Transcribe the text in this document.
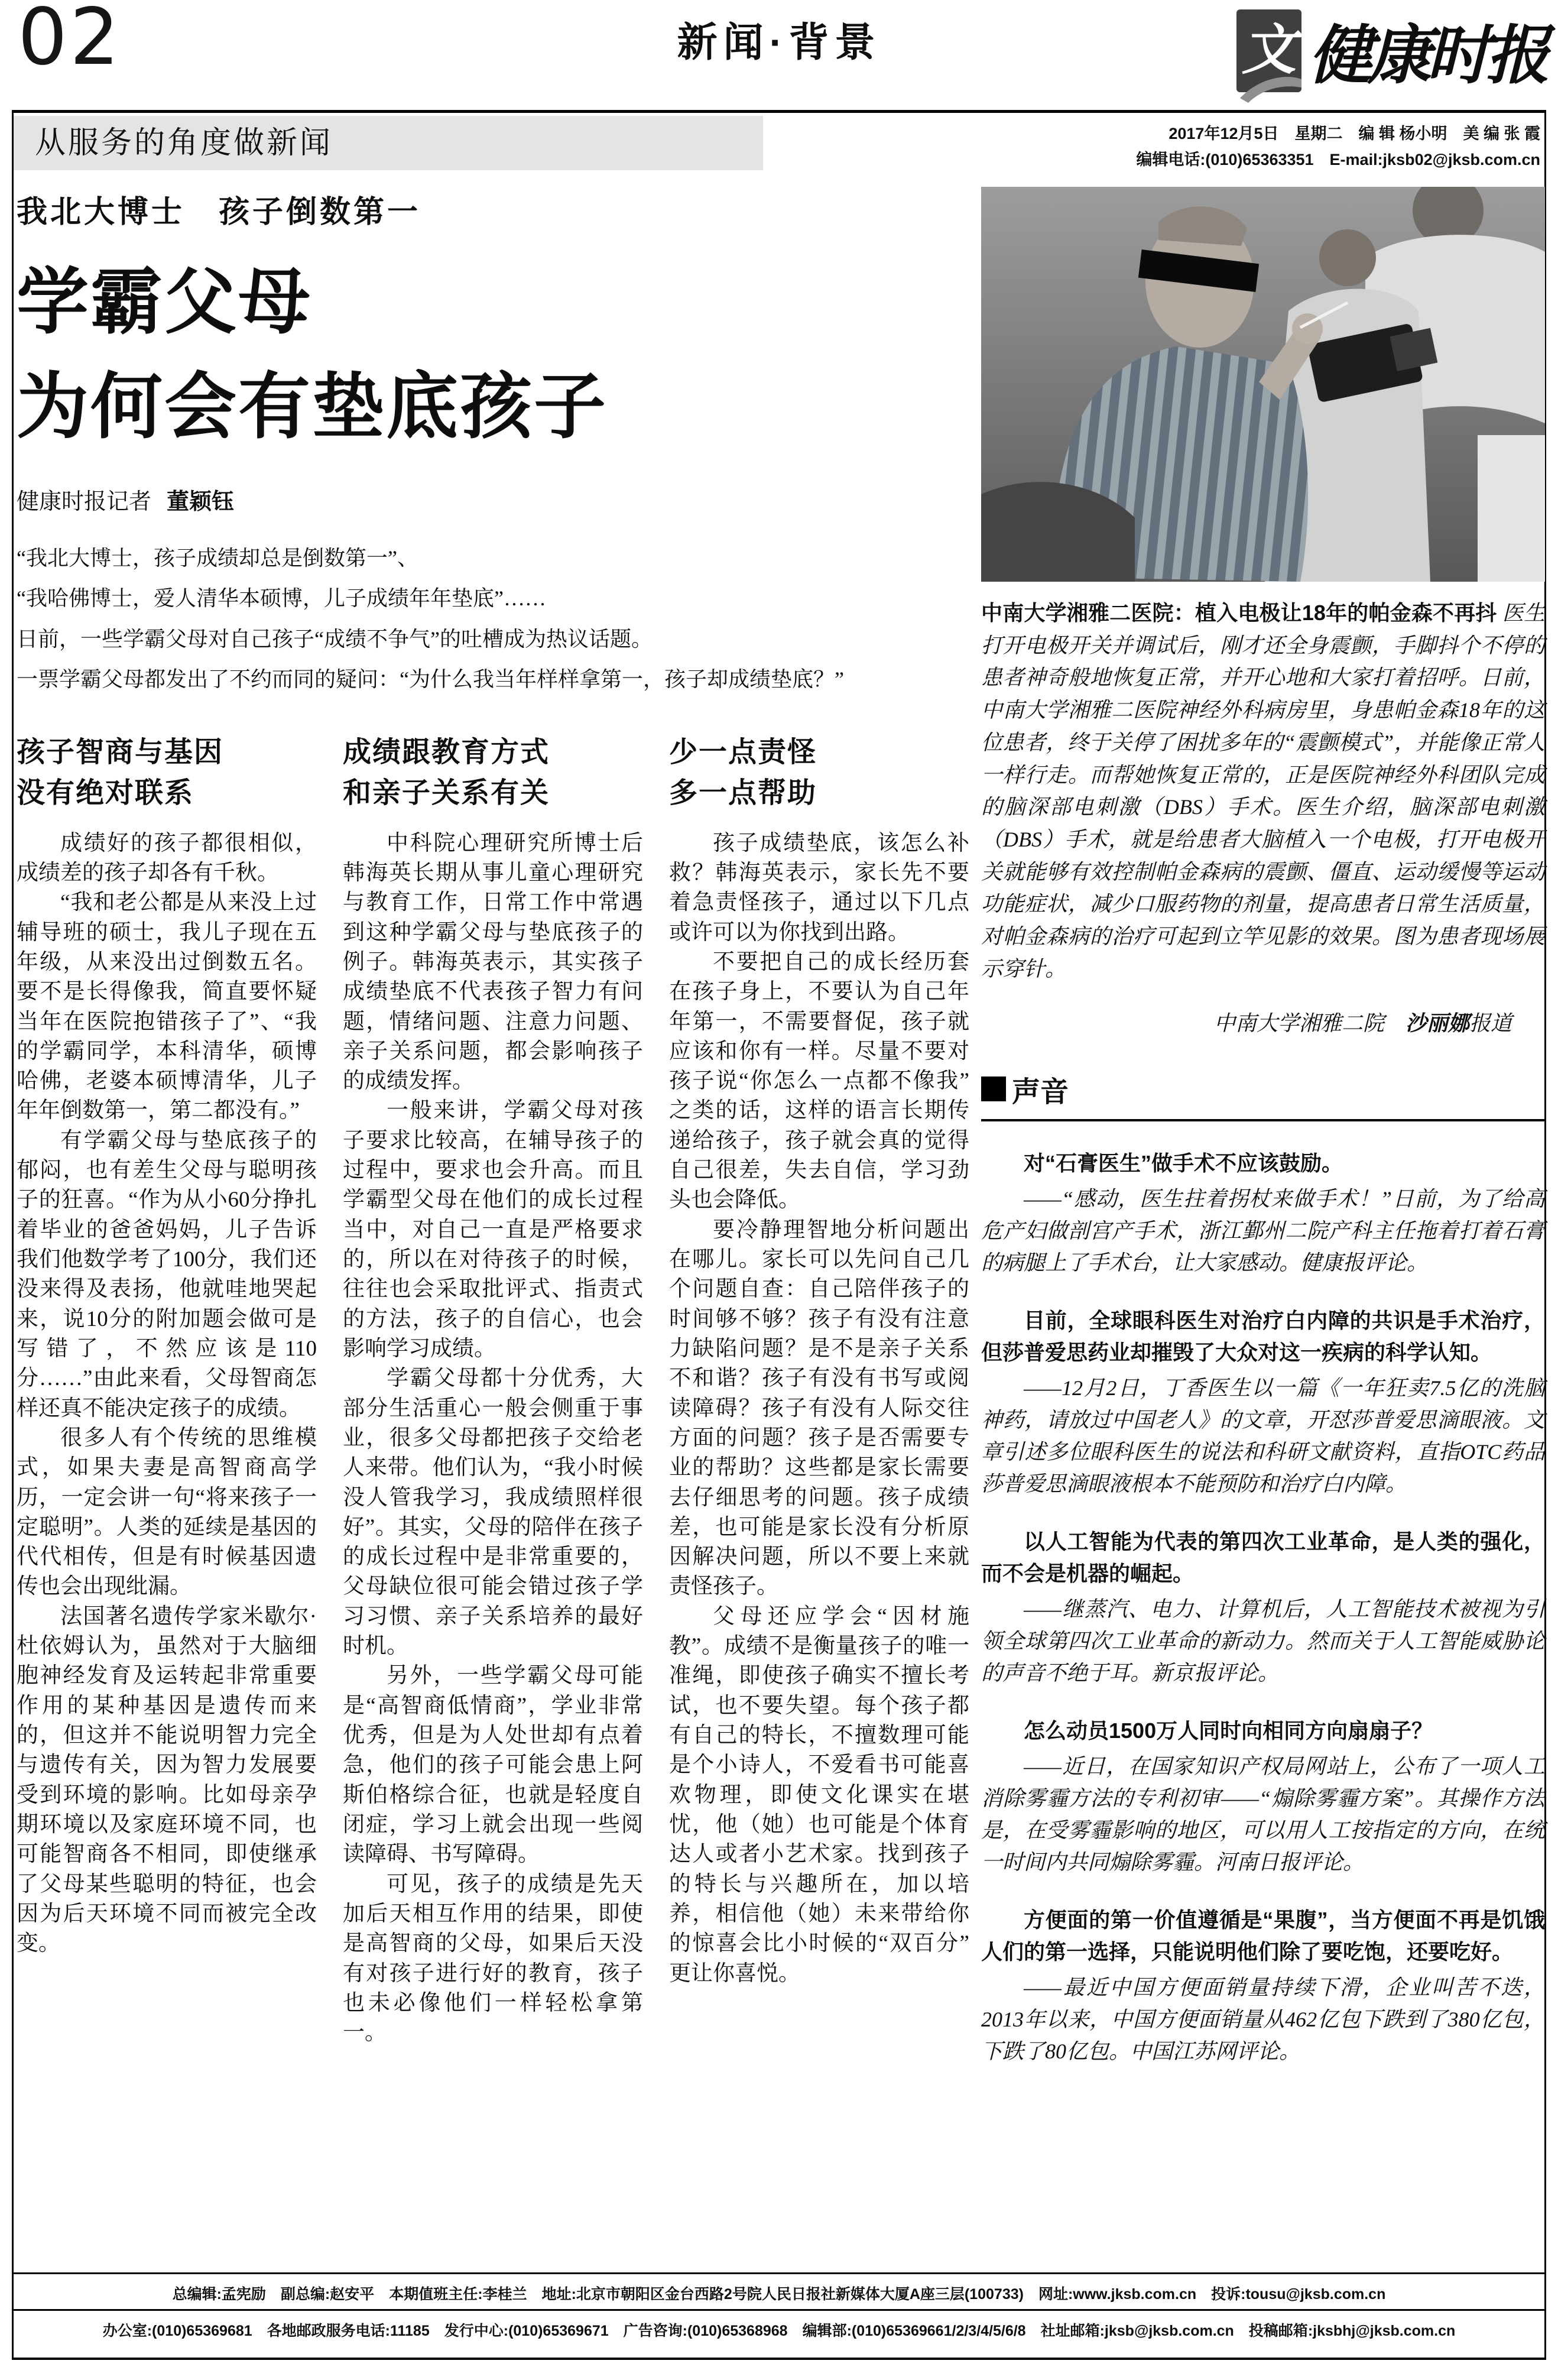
02	新闻·背景	文 健康时报
从服务的角度做新闻	2017年12月5日　星期二　编 辑 杨小明　美 编 张 霞
编辑电话:(010)65363351　E-mail:jksb02@jksb.com.cn
我北大博士　孩子倒数第一
学霸父母
为何会有垫底孩子
健康时报记者 董颖钰
“我北大博士，孩子成绩却总是倒数第一”、
“我哈佛博士，爱人清华本硕博，儿子成绩年年垫底”……
日前，一些学霸父母对自己孩子“成绩不争气”的吐槽成为热议话题。
一票学霸父母都发出了不约而同的疑问：“为什么我当年样样拿第一，孩子却成绩垫底？”
孩子智商与基因
没有绝对联系

成绩好的孩子都很相似，成绩差的孩子却各有千秋。

“我和老公都是从来没上过辅导班的硕士，我儿子现在五年级，从来没出过倒数五名。要不是长得像我，简直要怀疑当年在医院抱错孩子了”、“我的学霸同学，本科清华，硕博哈佛，老婆本硕博清华，儿子年年倒数第一，第二都没有。”

有学霸父母与垫底孩子的郁闷，也有差生父母与聪明孩子的狂喜。“作为从小60分挣扎着毕业的爸爸妈妈，儿子告诉我们他数学考了100分，我们还没来得及表扬，他就哇地哭起来，说10分的附加题会做可是写错了，不然应该是110分……”由此来看，父母智商怎样还真不能决定孩子的成绩。

很多人有个传统的思维模式，如果夫妻是高智商高学历，一定会讲一句“将来孩子一定聪明”。人类的延续是基因的代代相传，但是有时候基因遗传也会出现纰漏。

法国著名遗传学家米歇尔·杜依姆认为，虽然对于大脑细胞神经发育及运转起非常重要作用的某种基因是遗传而来的，但这并不能说明智力完全与遗传有关，因为智力发展要受到环境的影响。比如母亲孕期环境以及家庭环境不同，也可能智商各不相同，即使继承了父母某些聪明的特征，也会因为后天环境不同而被完全改变。

成绩跟教育方式
和亲子关系有关

中科院心理研究所博士后韩海英长期从事儿童心理研究与教育工作，日常工作中常遇到这种学霸父母与垫底孩子的例子。韩海英表示，其实孩子成绩垫底不代表孩子智力有问题，情绪问题、注意力问题、亲子关系问题，都会影响孩子的成绩发挥。

一般来讲，学霸父母对孩子要求比较高，在辅导孩子的过程中，要求也会升高。而且学霸型父母在他们的成长过程当中，对自己一直是严格要求的，所以在对待孩子的时候，往往也会采取批评式、指责式的方法，孩子的自信心，也会影响学习成绩。

学霸父母都十分优秀，大部分生活重心一般会侧重于事业，很多父母都把孩子交给老人来带。他们认为，“我小时候没人管我学习，我成绩照样很好”。其实，父母的陪伴在孩子的成长过程中是非常重要的，父母缺位很可能会错过孩子学习习惯、亲子关系培养的最好时机。

另外，一些学霸父母可能是“高智商低情商”，学业非常优秀，但是为人处世却有点着急，他们的孩子可能会患上阿斯伯格综合征，也就是轻度自闭症，学习上就会出现一些阅读障碍、书写障碍。

可见，孩子的成绩是先天加后天相互作用的结果，即使是高智商的父母，如果后天没有对孩子进行好的教育，孩子也未必像他们一样轻松拿第一。

少一点责怪
多一点帮助

孩子成绩垫底，该怎么补救？韩海英表示，家长先不要着急责怪孩子，通过以下几点或许可以为你找到出路。

不要把自己的成长经历套在孩子身上，不要认为自己年年第一，不需要督促，孩子就应该和你有一样。尽量不要对孩子说“你怎么一点都不像我”之类的话，这样的语言长期传递给孩子，孩子就会真的觉得自己很差，失去自信，学习劲头也会降低。

要冷静理智地分析问题出在哪儿。家长可以先问自己几个问题自查：自己陪伴孩子的时间够不够？孩子有没有注意力缺陷问题？是不是亲子关系不和谐？孩子有没有书写或阅读障碍？孩子有没有人际交往方面的问题？孩子是否需要专业的帮助？这些都是家长需要去仔细思考的问题。孩子成绩差，也可能是家长没有分析原因解决问题，所以不要上来就责怪孩子。

父母还应学会“因材施教”。成绩不是衡量孩子的唯一准绳，即使孩子确实不擅长考试，也不要失望。每个孩子都有自己的特长，不擅数理可能是个小诗人，不爱看书可能喜欢物理，即使文化课实在堪忧，他（她）也可能是个体育达人或者小艺术家。找到孩子的特长与兴趣所在，加以培养，相信他（她）未来带给你的惊喜会比小时候的“双百分”更让你喜悦。

中南大学湘雅二医院：植入电极让18年的帕金森不再抖 医生打开电极开关并调试后，刚才还全身震颤，手脚抖个不停的患者神奇般地恢复正常，并开心地和大家打着招呼。日前，中南大学湘雅二医院神经外科病房里，身患帕金森18年的这位患者，终于关停了困扰多年的“震颤模式”，并能像正常人一样行走。而帮她恢复正常的，正是医院神经外科团队完成的脑深部电刺激（DBS）手术。医生介绍，脑深部电刺激（DBS）手术，就是给患者大脑植入一个电极，打开电极开关就能够有效控制帕金森病的震颤、僵直、运动缓慢等运动功能症状，减少口服药物的剂量，提高患者日常生活质量，对帕金森病的治疗可起到立竿见影的效果。图为患者现场展示穿针。

中南大学湘雅二院　 沙丽娜报道
声音

对“石膏医生”做手术不应该鼓励。

——“感动，医生拄着拐杖来做手术！”日前，为了给高危产妇做剖宫产手术，浙江鄞州二院产科主任拖着打着石膏的病腿上了手术台，让大家感动。健康报评论。

目前，全球眼科医生对治疗白内障的共识是手术治疗，但莎普爱思药业却摧毁了大众对这一疾病的科学认知。

——12月2日，丁香医生以一篇《一年狂卖7.5亿的洗脑神药，请放过中国老人》的文章，开怼莎普爱思滴眼液。文章引述多位眼科医生的说法和科研文献资料，直指OTC药品莎普爱思滴眼液根本不能预防和治疗白内障。

以人工智能为代表的第四次工业革命，是人类的强化，而不会是机器的崛起。

——继蒸汽、电力、计算机后，人工智能技术被视为引领全球第四次工业革命的新动力。然而关于人工智能威胁论的声音不绝于耳。新京报评论。

怎么动员1500万人同时向相同方向扇扇子？

——近日，在国家知识产权局网站上，公布了一项人工消除雾霾方法的专利初审——“煽除雾霾方案”。其操作方法是，在受雾霾影响的地区，可以用人工按指定的方向，在统一时间内共同煽除雾霾。河南日报评论。

方便面的第一价值遵循是“果腹”，当方便面不再是饥饿人们的第一选择，只能说明他们除了要吃饱，还要吃好。

——最近中国方便面销量持续下滑，企业叫苦不迭，2013年以来，中国方便面销量从462亿包下跌到了380亿包，下跌了80亿包。中国江苏网评论。

总编辑:孟宪励　副总编:赵安平　本期值班主任:李桂兰　地址:北京市朝阳区金台西路2号院人民日报社新媒体大厦A座三层(100733)　网址:www.jksb.com.cn　投诉:tousu@jksb.com.cn
办公室:(010)65369681　各地邮政服务电话:11185　发行中心:(010)65369671　广告咨询:(010)65368968　编辑部:(010)65369661/2/3/4/5/6/8　社址邮箱:jksb@jksb.com.cn　投稿邮箱:jksbhj@jksb.com.cn
